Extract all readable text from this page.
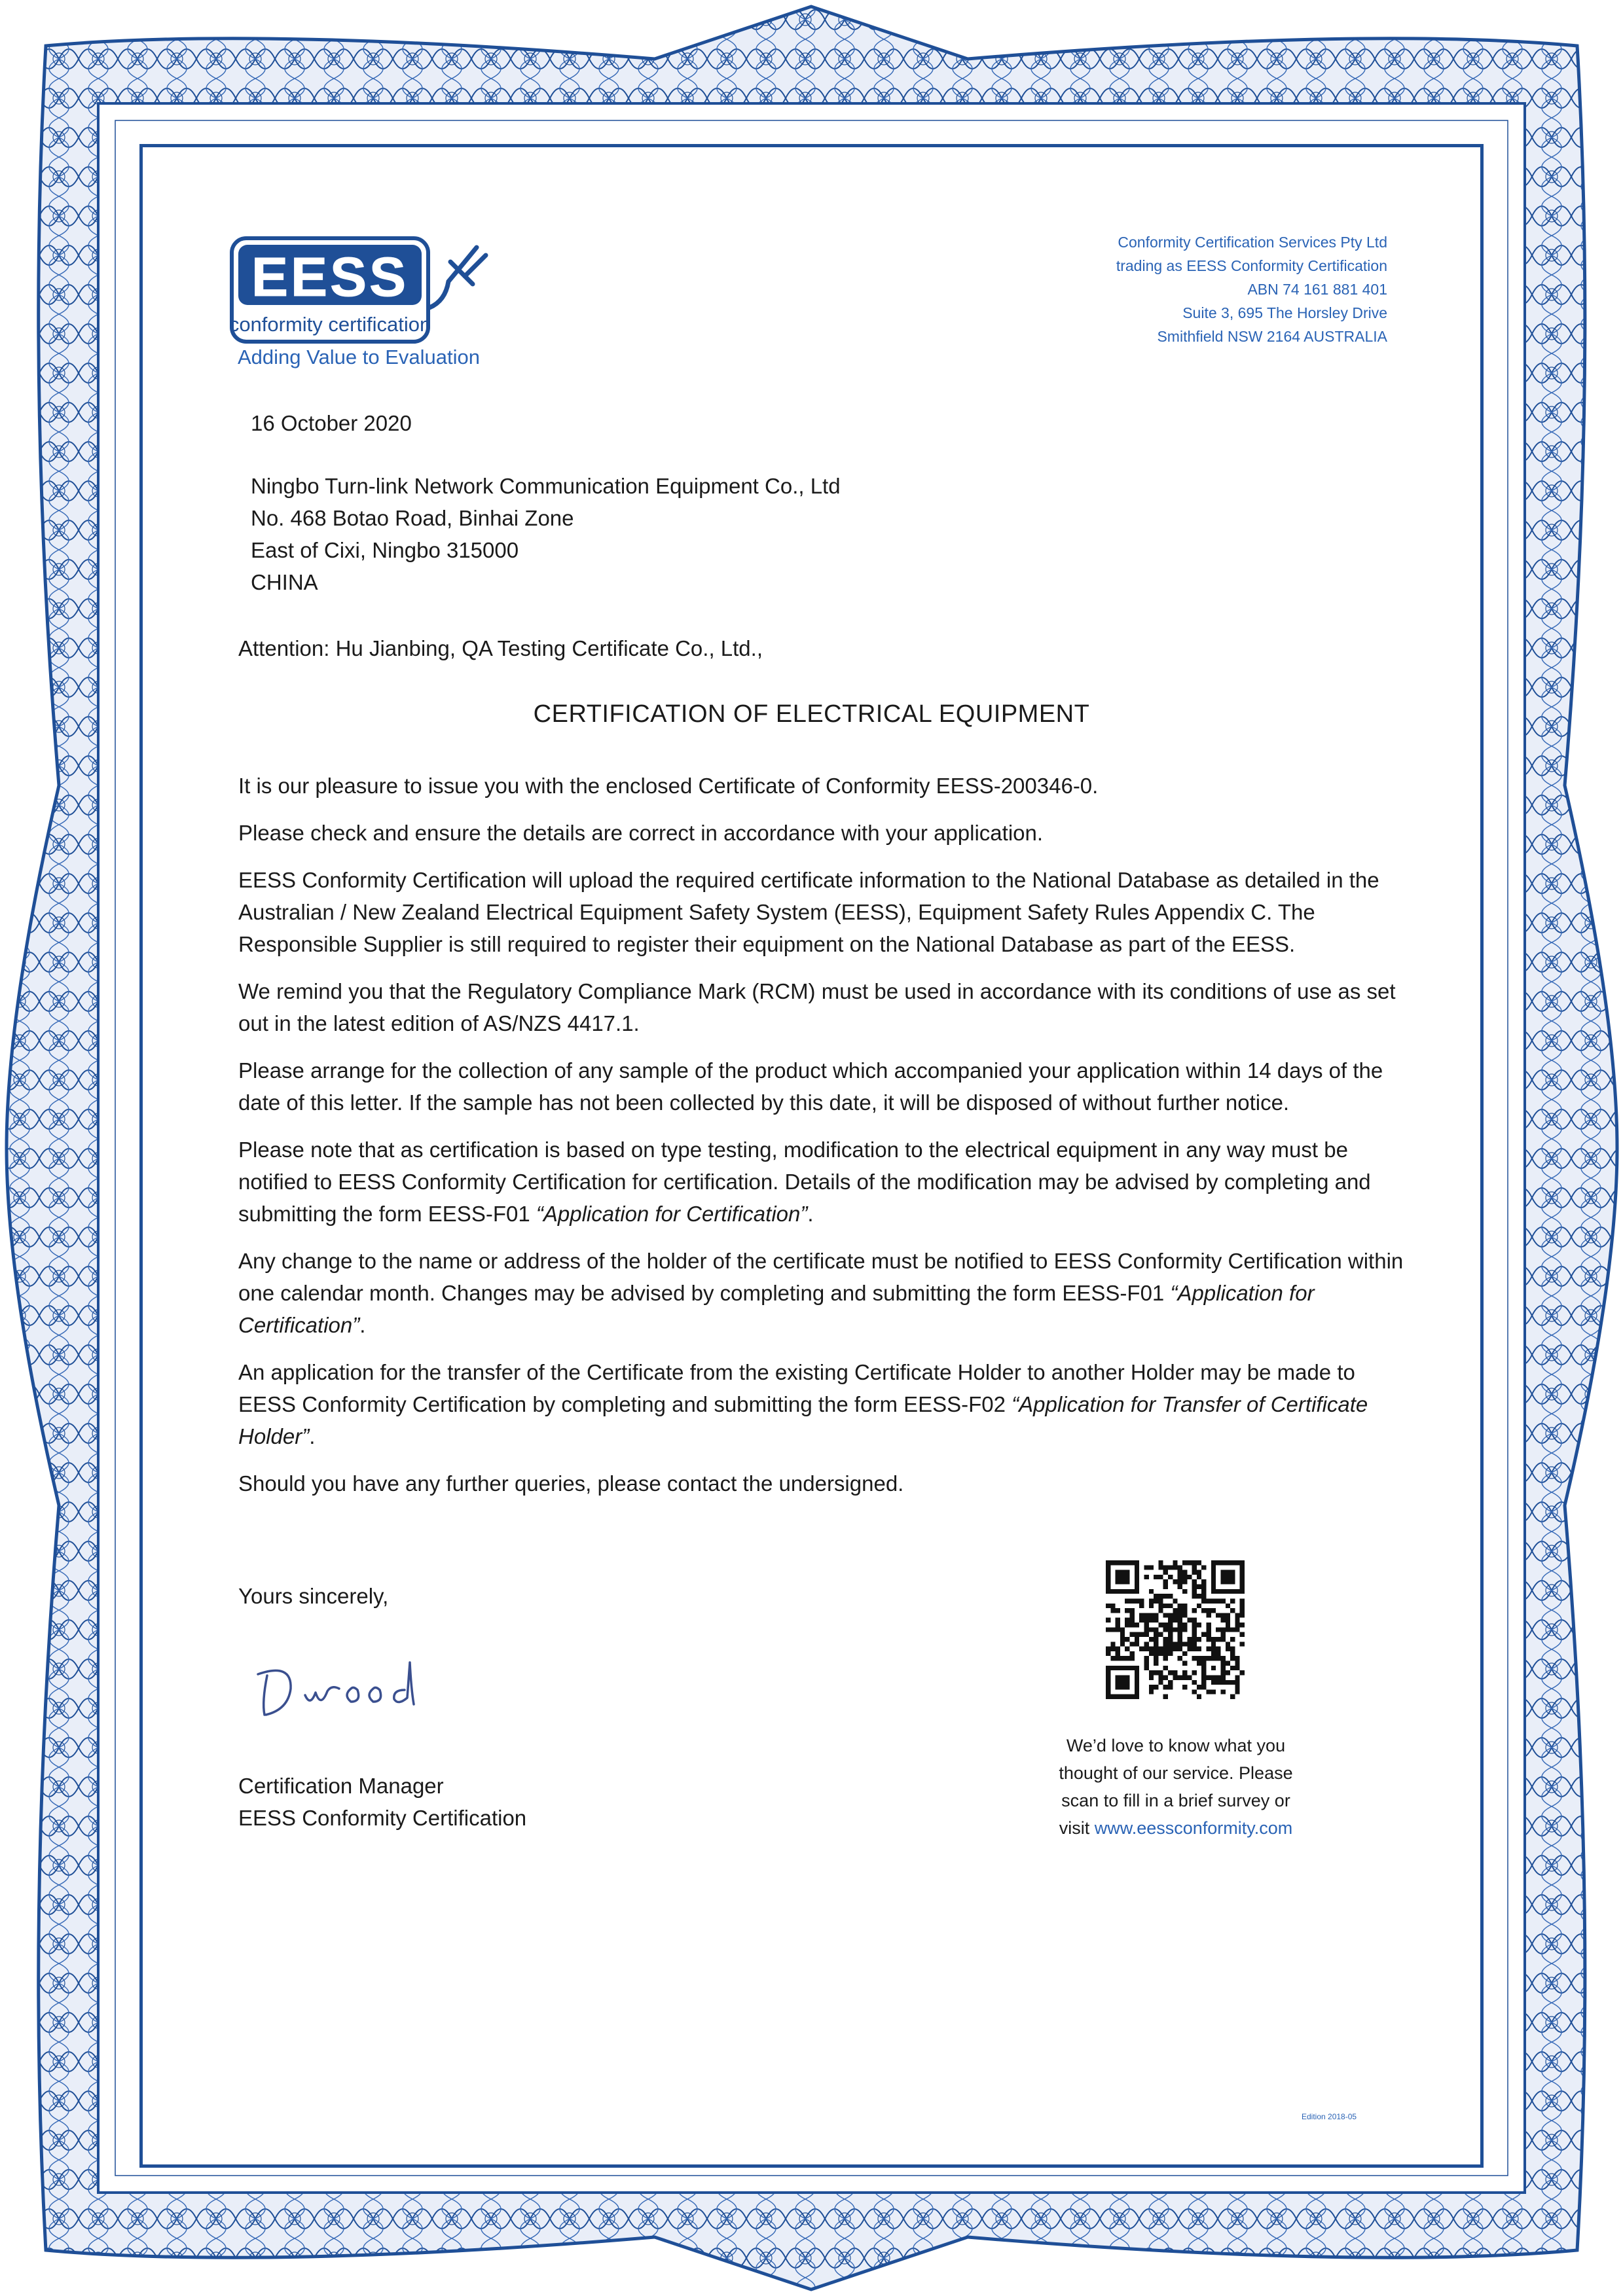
EESS
conformity certification
Adding Value to Evaluation
Conformity Certification Services Pty Ltd
trading as EESS Conformity Certification
ABN 74 161 881 401
Suite 3, 695 The Horsley Drive
Smithfield NSW 2164 AUSTRALIA
16 October 2020
Ningbo Turn-link Network Communication Equipment Co., Ltd
No. 468 Botao Road, Binhai Zone
East of Cixi, Ningbo 315000
CHINA
Attention: Hu Jianbing, QA Testing Certificate Co., Ltd.,
CERTIFICATION OF ELECTRICAL EQUIPMENT

It is our pleasure to issue you with the enclosed Certificate of Conformity EESS-200346-0.

Please check and ensure the details are correct in accordance with your application.

EESS Conformity Certification will upload the required certificate information to the National Database as detailed in the Australian / New Zealand Electrical Equipment Safety System (EESS), Equipment Safety Rules Appendix C. The Responsible Supplier is still required to register their equipment on the National Database as part of the EESS.

We remind you that the Regulatory Compliance Mark (RCM) must be used in accordance with its conditions of use as set out in the latest edition of AS/NZS 4417.1.

Please arrange for the collection of any sample of the product which accompanied your application within 14 days of the date of this letter. If the sample has not been collected by this date, it will be disposed of without further notice.

Please note that as certification is based on type testing, modification to the electrical equipment in any way must be notified to EESS Conformity Certification for certification. Details of the modification may be advised by completing and submitting the form EESS-F01 “Application for Certification”.

Any change to the name or address of the holder of the certificate must be notified to EESS Conformity Certification within one calendar month. Changes may be advised by completing and submitting the form EESS-F01 “Application for Certification”.

An application for the transfer of the Certificate from the existing Certificate Holder to another Holder may be made to EESS Conformity Certification by completing and submitting the form EESS-F02 “Application for Transfer of Certificate Holder”.

Should you have any further queries, please contact the undersigned.

Yours sincerely,
Certification Manager
EESS Conformity Certification
We’d love to know what you
thought of our service. Please
scan to fill in a brief survey or
visit www.eessconformity.com
Edition 2018-05
